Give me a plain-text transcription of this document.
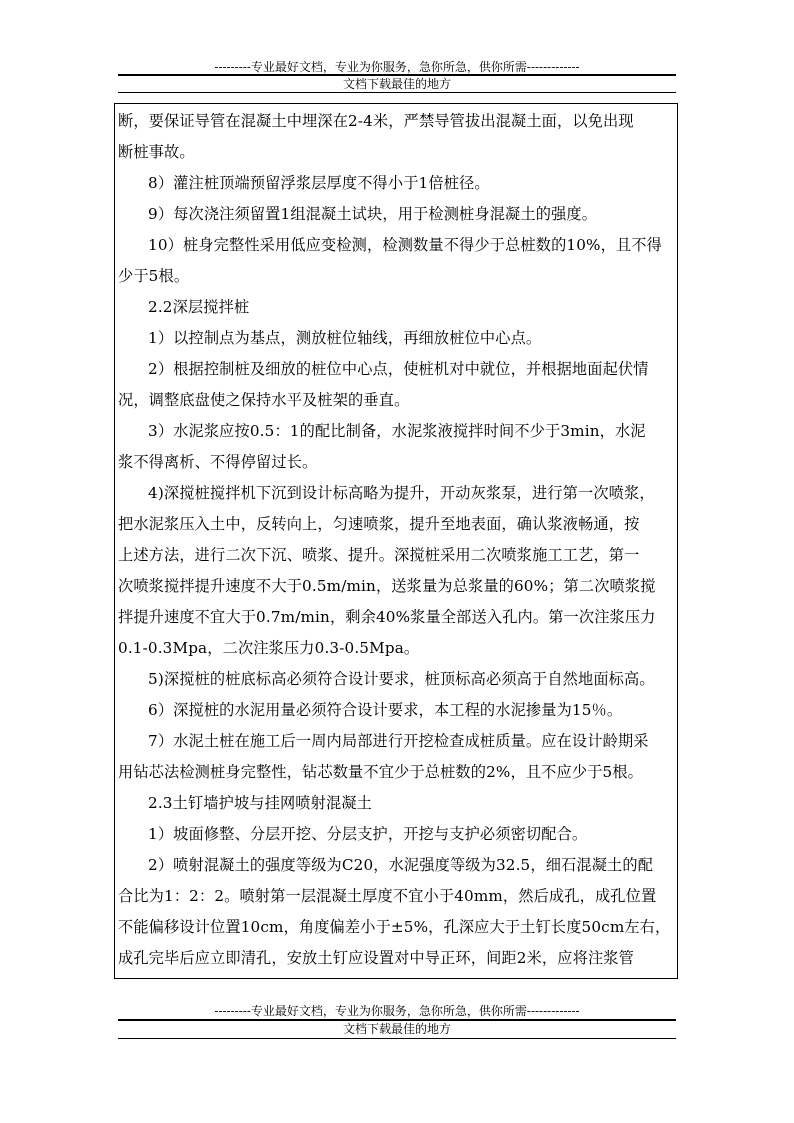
---------专业最好文档，专业为你服务，急你所急，供你所需-------------
文档下载最佳的地方

断，要保证导管在混凝土中埋深在2-4米，严禁导管拔出混凝土面，以免出现

断桩事故。

8）灌注桩顶端预留浮浆层厚度不得小于1倍桩径。

9）每次浇注须留置1组混凝土试块，用于检测桩身混凝土的强度。

10）桩身完整性采用低应变检测，检测数量不得少于总桩数的10%，且不得

少于5根。

2.2深层搅拌桩

1）以控制点为基点，测放桩位轴线，再细放桩位中心点。

2）根据控制桩及细放的桩位中心点，使桩机对中就位，并根据地面起伏情

况，调整底盘使之保持水平及桩架的垂直。

3）水泥浆应按0.5：1的配比制备，水泥浆液搅拌时间不少于3min，水泥

浆不得离析、不得停留过长。

4)深搅桩搅拌机下沉到设计标高略为提升，开动灰浆泵，进行第一次喷浆，

把水泥浆压入土中，反转向上，匀速喷浆，提升至地表面，确认浆液畅通，按

上述方法，进行二次下沉、喷浆、提升。深搅桩采用二次喷浆施工工艺，第一

次喷浆搅拌提升速度不大于0.5m/min，送浆量为总浆量的60%；第二次喷浆搅

拌提升速度不宜大于0.7m/min，剩余40%浆量全部送入孔内。第一次注浆压力

0.1-0.3Mpa，二次注浆压力0.3-0.5Mpa。

5)深搅桩的桩底标高必须符合设计要求，桩顶标高必须高于自然地面标高。

6）深搅桩的水泥用量必须符合设计要求，本工程的水泥掺量为15％。

7）水泥土桩在施工后一周内局部进行开挖检查成桩质量。应在设计龄期采

用钻芯法检测桩身完整性，钻芯数量不宜少于总桩数的2%，且不应少于5根。

2.3土钉墙护坡与挂网喷射混凝土

1）坡面修整、分层开挖、分层支护，开挖与支护必须密切配合。

2）喷射混凝土的强度等级为C20，水泥强度等级为32.5，细石混凝土的配

合比为1：2：2。喷射第一层混凝土厚度不宜小于40mm，然后成孔，成孔位置

不能偏移设计位置10cm，角度偏差小于±5%，孔深应大于土钉长度50cm左右，

成孔完毕后应立即清孔，安放土钉应设置对中导正环，间距2米，应将注浆管

---------专业最好文档，专业为你服务，急你所急，供你所需-------------
文档下载最佳的地方
